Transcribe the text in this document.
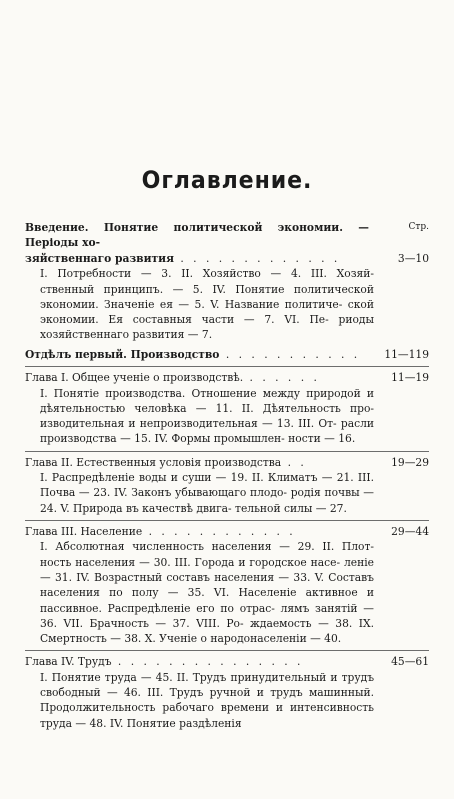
Оглавление.
Введение. Понятие политической экономии. — Періоды хо-
Стр.
зяйственнаго развития . . . . . . . . . . . . .	3—10
I. Потребности — 3. II. Хозяйство — 4. III. Хозяй- ственный принципъ. — 5. IV. Понятие политической экономии. Значеніе ея — 5. V. Название политиче- ской экономии. Ея составныя части — 7. VI. Пе- риоды хозяйственнаго развития — 7.
Отдѣлъ первый. Производство . . . . . . . . . . .	11—119
Глава I. Общее ученіе о производствѣ. . . . . . .	11—19
I. Понятіе производства. Отношение между природой и дѣятельностью человѣка — 11. II. Дѣятельность про- изводительная и непроизводительная — 13. III. От- расли производства — 15. IV. Формы промышлен- ности — 16.
Глава II. Естественныя условія производства . .	19—29
I. Распредѣленіе воды и суши — 19. II. Климатъ — 21. III. Почва — 23. IV. Законъ убывающаго плодо- родія почвы — 24. V. Природа въ качествѣ двига- тельной силы — 27.
Глава III. Население . . . . . . . . . . . .	29—44
I. Абсолютная численность населения — 29. II. Плот- ность населения — 30. III. Города и городское насе- леніе — 31. IV. Возрастный составъ населения — 33. V. Составъ населения по полу — 35. VI. Населеніе активное и пассивное. Распредѣленіе его по отрас- лямъ занятій — 36. VII. Брачность — 37. VIII. Ро- ждаемость — 38. IX. Смертность — 38. X. Ученіе о народонаселеніи — 40.
Глава IV. Трудъ . . . . . . . . . . . . . . .	45—61
I. Понятие труда — 45. II. Трудъ принудительный и трудъ свободный — 46. III. Трудъ ручной и трудъ машинный. Продолжительность рабочаго времени и интенсивность труда — 48. IV. Понятие раздѣленія
